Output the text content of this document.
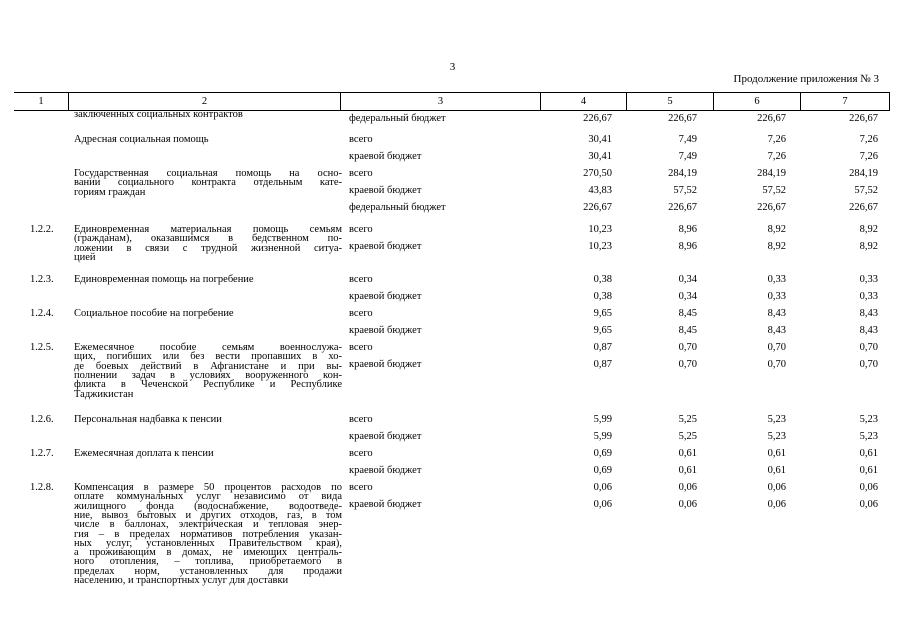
3
Продолжение приложения № 3
1	2	3	4	5	6	7
заключенных социальных контрактов	федеральный бюджет	226,67	226,67	226,67	226,67
Адресная социальная помощь	всего	30,41	7,49	7,26	7,26
краевой бюджет	30,41	7,49	7,26	7,26
Государственная социальная помощь на осно-
вании социального контракта отдельным кате-
гориям граждан
всего	270,50	284,19	284,19	284,19
краевой бюджет	43,83	57,52	57,52	57,52
федеральный бюджет	226,67	226,67	226,67	226,67
1.2.2. Единовременная материальная помощь семьям
(гражданам), оказавшимся в бедственном по-
ложении в связи с трудной жизненной ситуа-
цией
всего	10,23	8,96	8,92	8,92
краевой бюджет	10,23	8,96	8,92	8,92
1.2.3. Единовременная помощь на погребение	всего	0,38	0,34	0,33	0,33
краевой бюджет	0,38	0,34	0,33	0,33
1.2.4. Социальное пособие на погребение	всего	9,65	8,45	8,43	8,43
краевой бюджет	9,65	8,45	8,43	8,43
1.2.5. Ежемесячное пособие семьям военнослужа-
щих, погибших или без вести пропавших в хо-
де боевых действий в Афганистане и при вы-
полнении задач в условиях вооруженного кон-
фликта в Чеченской Республике и Республике
Таджикистан
всего	0,87	0,70	0,70	0,70
краевой бюджет	0,87	0,70	0,70	0,70
1.2.6. Персональная надбавка к пенсии	всего	5,99	5,25	5,23	5,23
краевой бюджет	5,99	5,25	5,23	5,23
1.2.7. Ежемесячная доплата к пенсии	всего	0,69	0,61	0,61	0,61
краевой бюджет	0,69	0,61	0,61	0,61
1.2.8. Компенсация в размере 50 процентов расходов по
оплате коммунальных услуг независимо от вида
жилищного фонда (водоснабжение, водоотведе-
ние, вывоз бытовых и других отходов, газ, в том
числе в баллонах, электрическая и тепловая энер-
гия – в пределах нормативов потребления указан-
ных услуг, установленных Правительством края),
а проживающим в домах, не имеющих централь-
ного отопления, – топлива, приобретаемого в
пределах норм, установленных для продажи
населению, и транспортных услуг для доставки
всего	0,06	0,06	0,06	0,06
краевой бюджет	0,06	0,06	0,06	0,06
